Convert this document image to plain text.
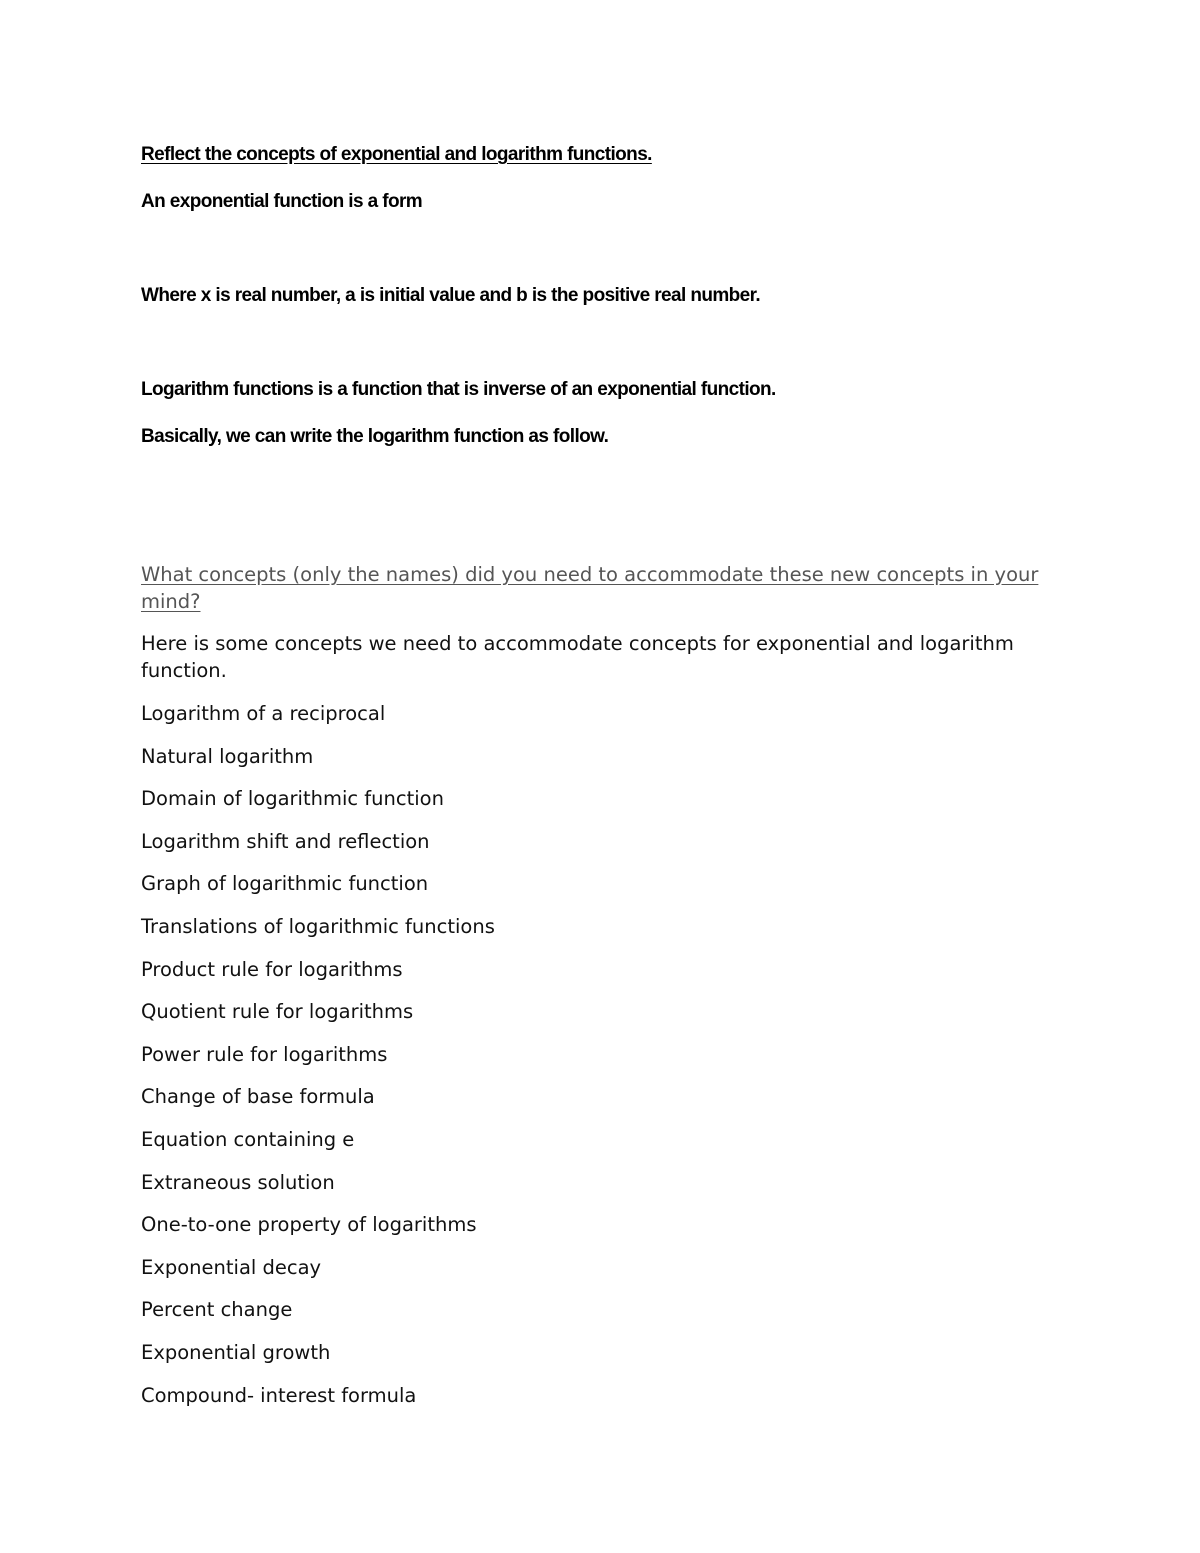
Reflect the concepts of exponential and logarithm functions.
An exponential function is a form
Where x is real number, a is initial value and b is the positive real number.
Logarithm functions is a function that is inverse of an exponential function.
Basically, we can write the logarithm function as follow.
What concepts (only the names) did you need to accommodate these new concepts in your mind?
Here is some concepts we need to accommodate concepts for exponential and logarithm function.
Logarithm of a reciprocal
Natural logarithm
Domain of logarithmic function
Logarithm shift and reflection
Graph of logarithmic function
Translations of logarithmic functions
Product rule for logarithms
Quotient rule for logarithms
Power rule for logarithms
Change of base formula
Equation containing e
Extraneous solution
One-to-one property of logarithms
Exponential decay
Percent change
Exponential growth
Compound- interest formula
